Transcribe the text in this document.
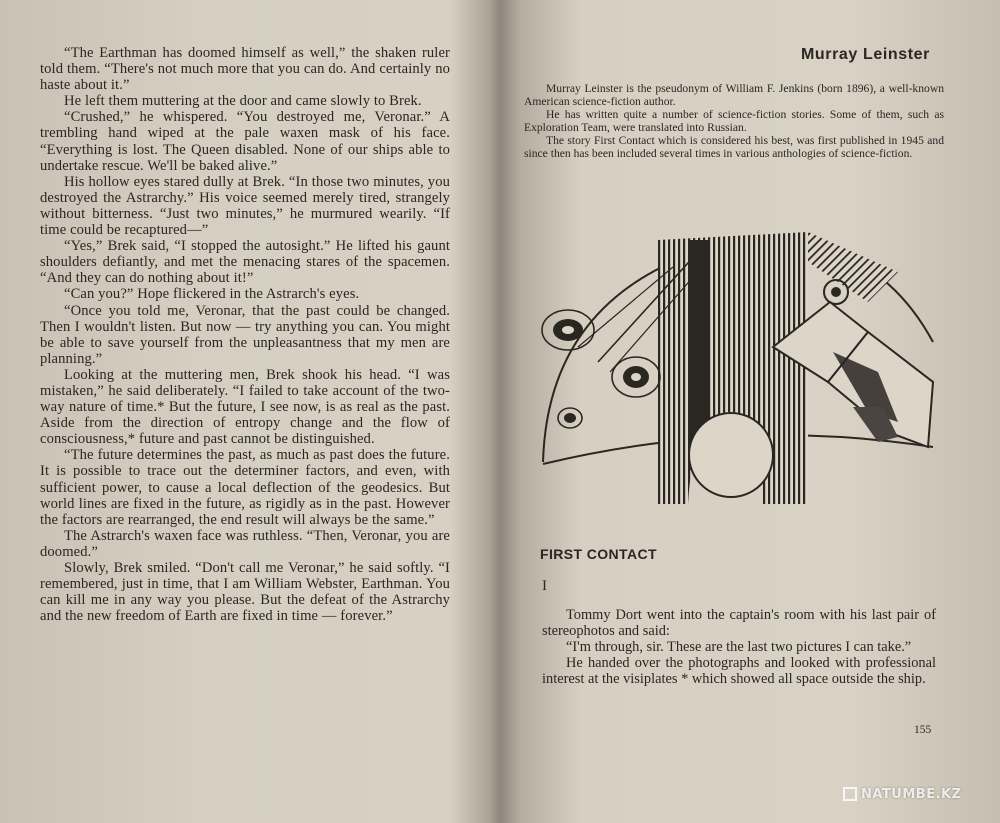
“The Earthman has doomed himself as well,” the shaken ruler told them. “There's not much more that you can do. And certainly no haste about it.”

He left them muttering at the door and came slowly to Brek.

“Crushed,” he whispered. “You destroyed me, Veronar.” A trembling hand wiped at the pale waxen mask of his face. “Everything is lost. The Queen disabled. None of our ships able to undertake rescue. We'll be baked alive.”

His hollow eyes stared dully at Brek. “In those two minutes, you destroyed the Astrarchy.” His voice seemed merely tired, strangely without bitterness. “Just two minutes,” he murmured wearily. “If time could be recaptured—”

“Yes,” Brek said, “I stopped the autosight.” He lifted his gaunt shoulders defiantly, and met the menacing stares of the spacemen. “And they can do nothing about it!”

“Can you?” Hope flickered in the Astrarch's eyes.

“Once you told me, Veronar, that the past could be changed. Then I wouldn't listen. But now — try anything you can. You might be able to save yourself from the unpleasantness that my men are planning.”

Looking at the muttering men, Brek shook his head. “I was mistaken,” he said deliberately. “I failed to take account of the two-way nature of time.* But the future, I see now, is as real as the past. Aside from the direction of entropy change and the flow of consciousness,* future and past cannot be distinguished.

“The future determines the past, as much as past does the future. It is possible to trace out the determiner factors, and even, with sufficient power, to cause a local deflection of the geodesics. But world lines are fixed in the future, as rigidly as in the past. However the factors are rearranged, the end result will always be the same.”

The Astrarch's waxen face was ruthless. “Then, Veronar, you are doomed.”

Slowly, Brek smiled. “Don't call me Veronar,” he said softly. “I remembered, just in time, that I am William Webster, Earthman. You can kill me in any way you please. But the defeat of the Astrarchy and the new freedom of Earth are fixed in time — forever.”

Murray Leinster

Murray Leinster is the pseudonym of William F. Jenkins (born 1896), a well-known American science-fiction author.

He has written quite a number of science-fiction stories. Some of them, such as Exploration Team, were translated into Russian.

The story First Contact which is considered his best, was first published in 1945 and since then has been included several times in various anthologies of science-fiction.

FIRST CONTACT
I

Tommy Dort went into the captain's room with his last pair of stereophotos and said:

“I'm through, sir. These are the last two pictures I can take.”

He handed over the photographs and looked with professional interest at the visiplates * which showed all space outside the ship.

155
NATUMBE.KZ
